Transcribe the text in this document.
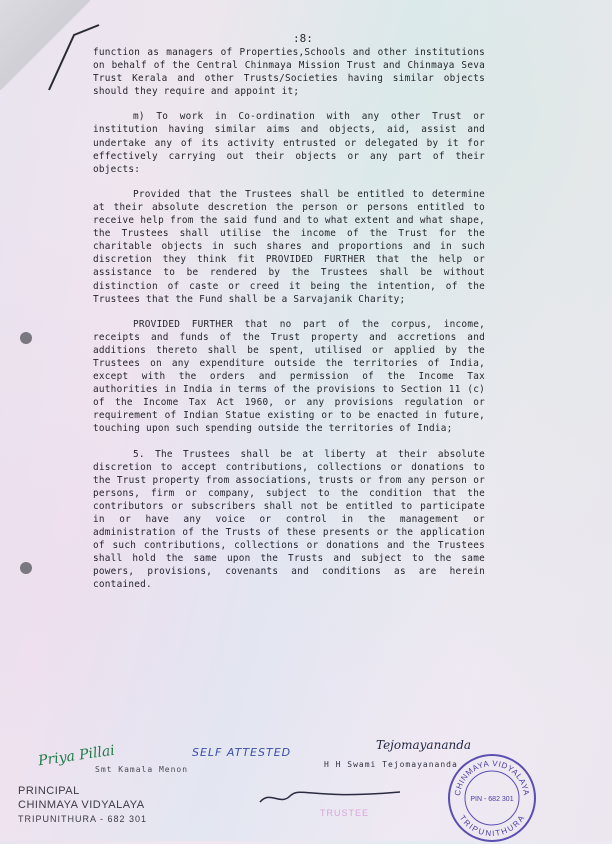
:8:

function as managers of Properties,Schools and other institutions on behalf of the Central Chinmaya Mission Trust and Chinmaya Seva Trust Kerala and other Trusts/Societies having similar objects should they require and appoint it;

m) To work in Co-ordination with any other Trust or institution having similar aims and objects, aid, assist and undertake any of its activity entrusted or delegated by it for effectively carrying out their objects or any part of their objects:

Provided that the Trustees shall be entitled to determine at their absolute descretion the person or persons entitled to receive help from the said fund and to what extent and what shape, the Trustees shall utilise the income of the Trust for the charitable objects in such shares and proportions and in such discretion they think fit PROVIDED FURTHER that the help or assistance to be rendered by the Trustees shall be without distinction of caste or creed it being the intention, of the Trustees that the Fund shall be a Sarvajanik Charity;

PROVIDED FURTHER that no part of the corpus, income, receipts and funds of the Trust property and accretions and additions thereto shall be spent, utilised or applied by the Trustees on any expenditure outside the territories of India, except with the orders and permission of the Income Tax authorities in India in terms of the provisions to Section 11 (c) of the Income Tax Act 1960, or any provisions regulation or requirement of Indian Statue existing or to be enacted in future, touching upon such spending outside the territories of India;

5. The Trustees shall be at liberty at their absolute discretion to accept contributions, collections or donations to the Trust property from associations, trusts or from any person or persons, firm or company, subject to the condition that the contributors or subscribers shall not be entitled to participate in or have any voice or control in the management or administration of the Trusts of these presents or the application of such contributions, collections or donations and the Trustees shall hold the same upon the Trusts and subject to the same powers, provisions, covenants and conditions as are herein contained.

SELF ATTESTED
Tejomayananda
H H Swami Tejomayananda
Smt Kamala Menon
Priya Pillai
PRINCIPAL
CHINMAYA VIDYALAYA
TRIPUNITHURA - 682 301
TRUSTEE
CHINMAYA VIDYALAYA
TRIPUNITHURA
PIN - 682 301
